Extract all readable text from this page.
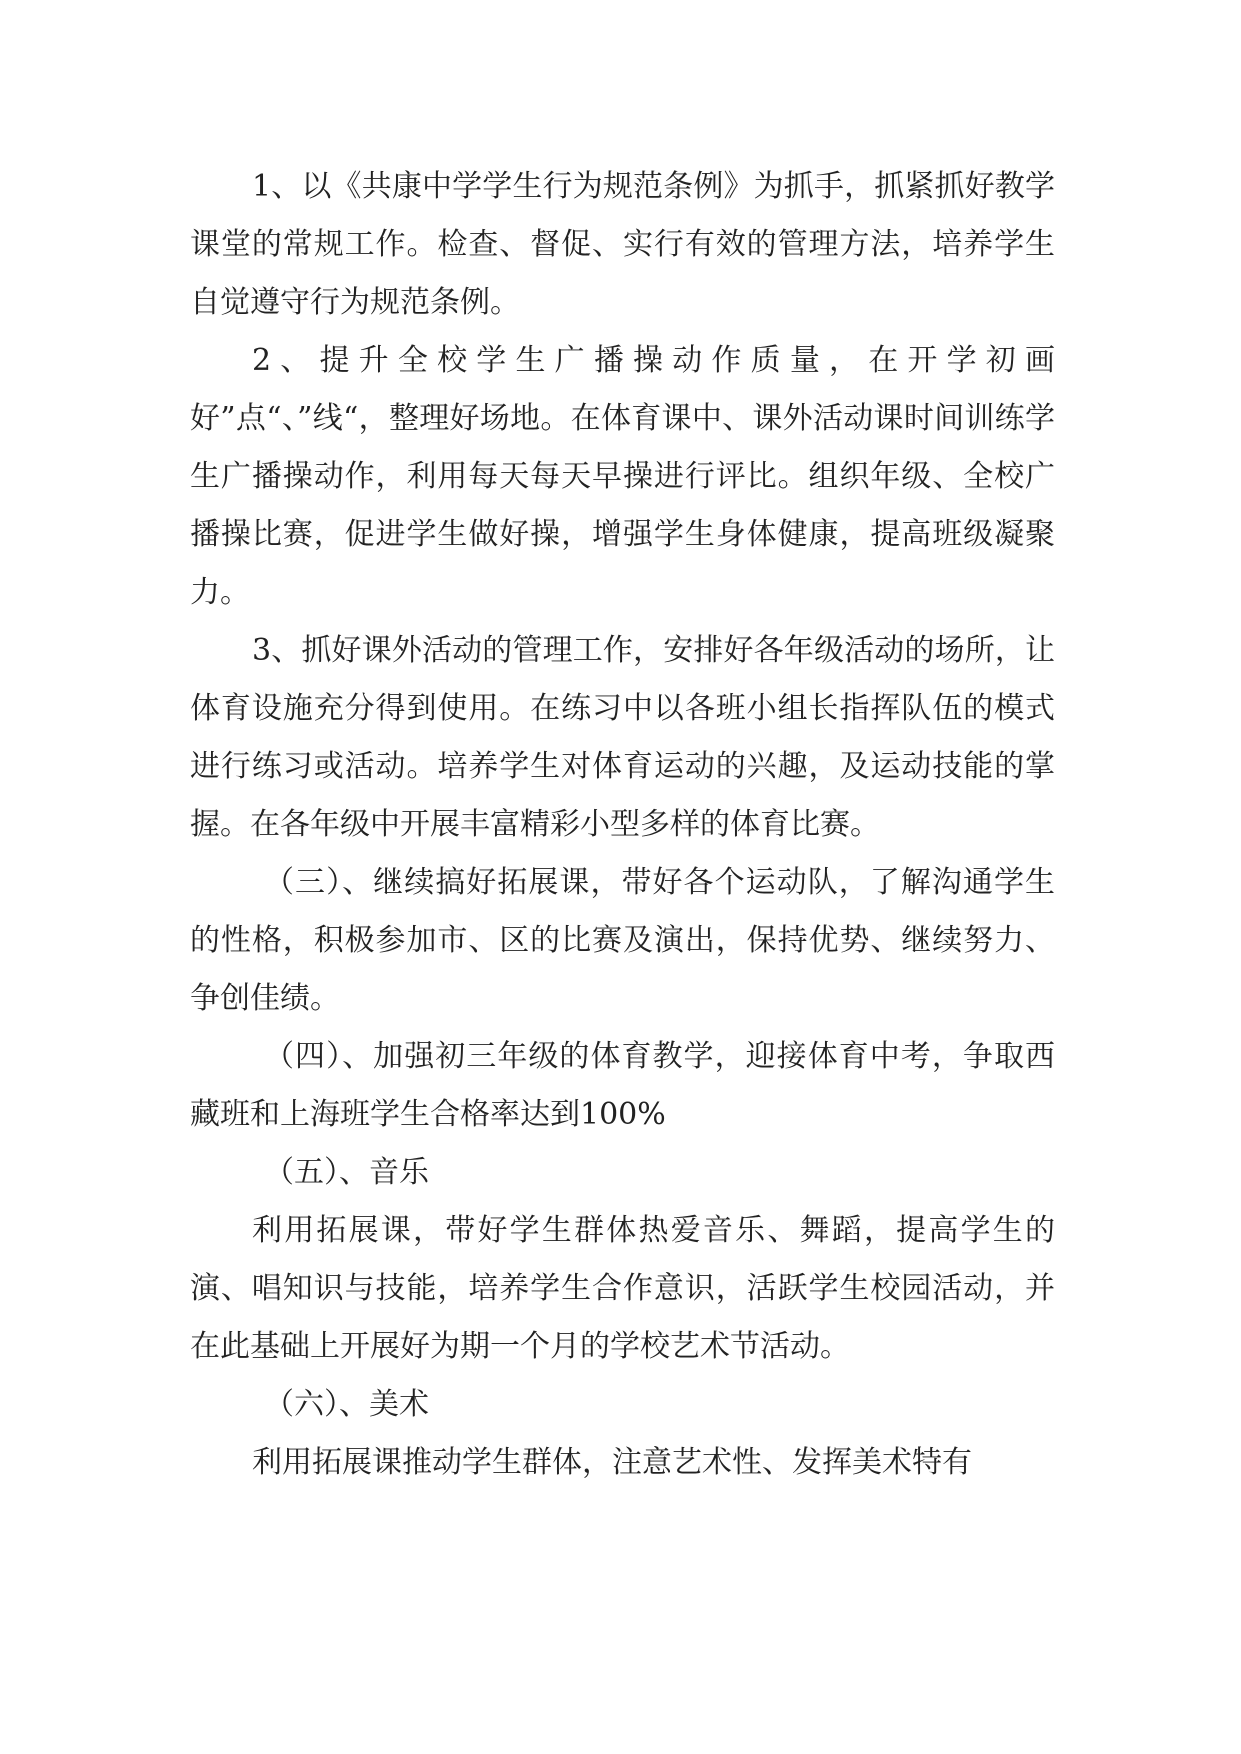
1、以《共康中学学生行为规范条例》为抓手，抓紧抓好教学课堂的常规工作。检查、督促、实行有效的管理方法，培养学生自觉遵守行为规范条例。

2、提升全校学生广播操动作质量，在开学初画好”点“、”线“，整理好场地。在体育课中、课外活动课时间训练学生广播操动作，利用每天每天早操进行评比。组织年级、全校广播操比赛，促进学生做好操，增强学生身体健康，提高班级凝聚力。

3、抓好课外活动的管理工作，安排好各年级活动的场所，让体育设施充分得到使用。在练习中以各班小组长指挥队伍的模式进行练习或活动。培养学生对体育运动的兴趣，及运动技能的掌握。在各年级中开展丰富精彩小型多样的体育比赛。

（三）、继续搞好拓展课，带好各个运动队，了解沟通学生的性格，积极参加市、区的比赛及演出，保持优势、继续努力、争创佳绩。

（四）、加强初三年级的体育教学，迎接体育中考，争取西藏班和上海班学生合格率达到100%

（五）、音乐

利用拓展课，带好学生群体热爱音乐、舞蹈，提高学生的演、唱知识与技能，培养学生合作意识，活跃学生校园活动，并在此基础上开展好为期一个月的学校艺术节活动。

（六）、美术

利用拓展课推动学生群体，注意艺术性、发挥美术特有
